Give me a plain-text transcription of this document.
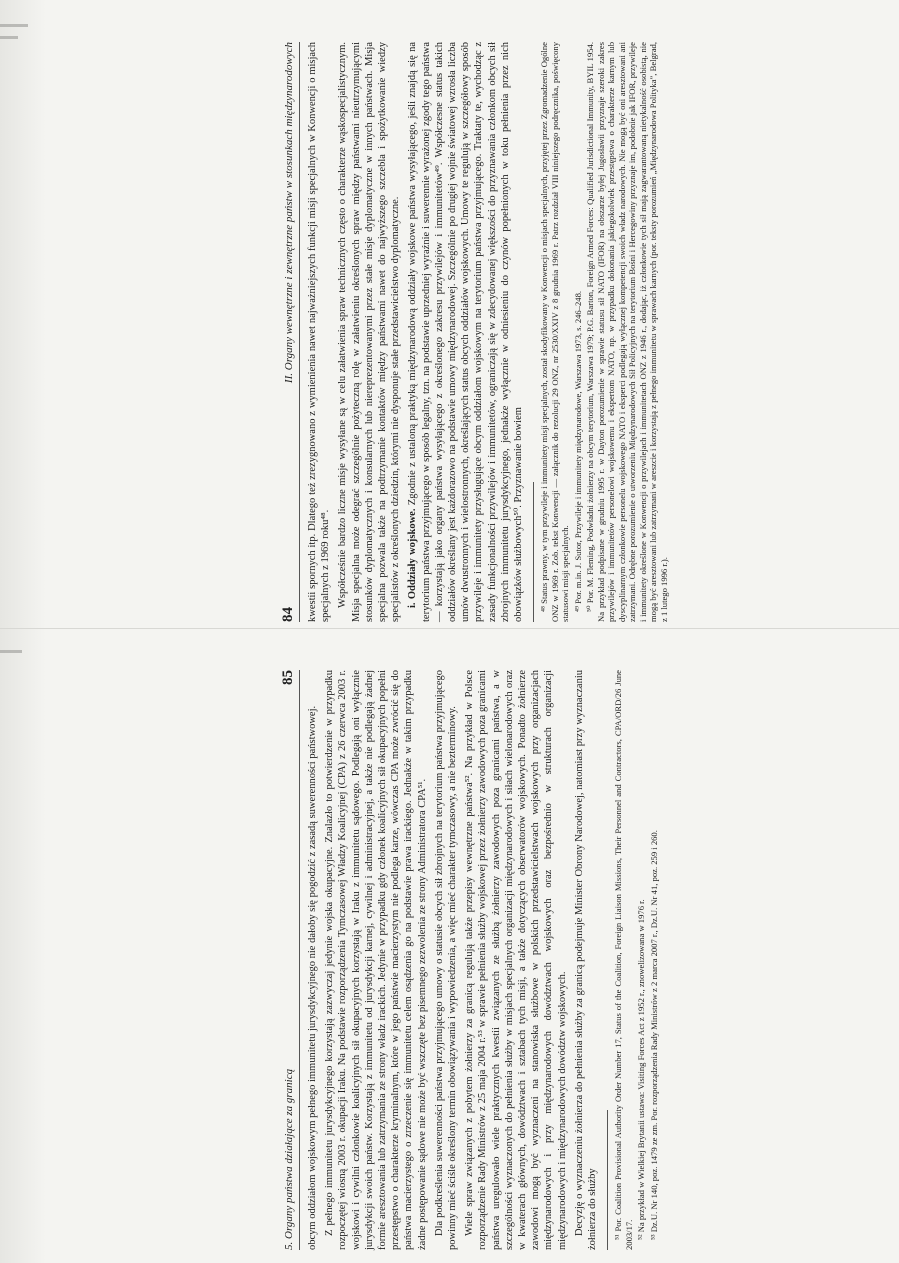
84
II. Organy wewnętrzne i zewnętrzne państw w stosunkach międzynarodowych kwestii spornych itp. Dlatego też zrezygnowano z wymienienia nawet najważniejszych funkcji misji specjalnych w Konwencji o misjach specjalnych z 1969 roku⁴⁸. Współcześnie bardzo liczne misje wysyłane są w celu załatwienia spraw technicznych często o charakterze wąskospecjalistycznym. Misja specjalna może odegrać szczególnie pożyteczną rolę w załatwieniu określonych spraw między państwami nieutrzymującymi stosunków dyplomatycznych i konsularnych lub niereprezentowanymi przez stałe misje dyplomatyczne w innych państwach. Misja specjalna pozwala także na podtrzymanie kontaktów między państwami nawet do najwyższego szczebla i spożytkowanie wiedzy specjalistów z określonych dziedzin, którymi nie dysponuje stałe przedstawicielstwo dyplomatyczne. i. Oddziały wojskowe. Zgodnie z ustaloną praktyką międzynarodową oddziały wojskowe państwa wysyłającego, jeśli znajdą się na terytorium państwa przyjmującego w sposób legalny, tzn. na podstawie uprzedniej wyraźnie i suwerennie wyrażonej zgody tego państwa — korzystają jako organy państwa wysyłającego z określonego zakresu przywilejów i immunitetów⁴⁹. Współczesne status takich oddziałów określany jest każdorazowo na podstawie umowy międzynarodowej. Szczególnie po drugiej wojnie światowej wzrosła liczba umów dwustronnych i wielostronnych, określających status obcych oddziałów wojskowych. Umowy te regulują w szczegółowy sposób przywileje i immunitety przysługujące obcym oddziałom wojskowym na terytorium państwa przyjmującego. Traktaty te, wychodząc z zasady funkcjonalności przywilejów i immunitetów, ograniczają się w zdecydowanej większości do przyznawania członkom obcych sił zbrojnych immunitetu jurysdykcyjnego, jednakże wyłącznie w odniesieniu do czynów popełnionych w toku pełnienia przez nich obowiązków służbowych⁵⁰. Przyznawanie bowiem ⁴⁸ Status prawny, w tym przywileje i immunitety misji specjalnych, został skodyfikowany w Konwencji o misjach specjalnych, przyjętej przez Zgromadzenie Ogólne ONZ w 1969 r. Zob. tekst Konwencji — załącznik do rezolucji 29 ONZ, nr 2530/XXIV z 8 grudnia 1969 r. Patrz rozdział VIII niniejszego podręcznika, poświęcony statusowi misji specjalnych. ⁴⁹ Por. m.in. J. Sutor, Przywileje i immunitety międzynarodowe, Warszawa 1973, s. 246–248. ⁵⁰ Por. M. Fleming, Podwładni żołnierzy na obcym terytorium, Warszawa 1979; P.G. Barton, Foreign Armed Forces: Qualified Jurisdictional Immunity, BYIL 1954. Na przykład podpisane w grudniu 1995 r. w Dayton porozumienie w sprawie statusu sił NATO (IFOR) na obszarze byłej Jugosławii przyznaje szeroki zakres przywilejów i immunitetów personelowi wojskowemu i ekspertom NATO, np. w przypadku dokonania jakiegokolwiek przestępstwa o charakterze karnym lub dyscyplinarnym członkowie personelu wojskowego NATO i eksperci podlegają wyłącznej kompetencji swoich władz narodowych. Nie mogą być oni aresztowani ani zatrzymani. Odrębne porozumienie o utworzeniu Międzynarodowych Sił Policyjnych na terytorium Bośni i Hercegowiny przyznaje im, podobnie jak IFOR, przywileje i immunitety określone w Konwencji o przywilejach i immunitetach ONZ z 1946 r., dodając, iż członkowie tych sił mają zagwarantowaną nietykalność osobistą, nie mogą być aresztowani lub zatrzymani w areszcie i korzystają z pełnego immunitetu w sprawach karnych (por. teksty porozumień „Międzynarodowa Polityka”, Belgrad, z 1 lutego 1996 r.).

5. Organy państwa działające za granicą
85

obcym oddziałom wojskowym pełnego immunitetu jurysdykcyjnego nie dałoby się pogodzić z zasadą suwerenności państwowej. Z pełnego immunitetu jurysdykcyjnego korzystają zazwyczaj jedynie wojska okupacyjne. Znalazło to potwierdzenie w przypadku rozpoczętej wiosną 2003 r. okupacji Iraku. Na podstawie rozporządzenia Tymczasowej Władzy Koalicyjnej (CPA) z 26 czerwca 2003 r. wojskowi i cywilni członkowie koalicyjnych sił okupacyjnych korzystają w Iraku z immunitetu sądowego. Podlegają oni wyłącznie jurysdykcji swoich państw. Korzystają z immunitetu od jurysdykcji karnej, cywilnej i administracyjnej, a także nie podlegają żadnej formie aresztowania lub zatrzymania ze strony władz irackich. Jedynie w przypadku gdy członek koalicyjnych sił okupacyjnych popełni przestępstwo o charakterze kryminalnym, które w jego państwie macierzystym nie podlega karze, wówczas CPA może zwrócić się do państwa macierzystego o zrzeczenie się immunitetu celem osądzenia go na podstawie prawa irackiego. Jednakże w takim przypadku żadne postępowanie sądowe nie może być wszczęte bez pisemnego zezwolenia ze strony Administratora CPA⁵¹. Dla podkreślenia suwerenności państwa przyjmującego umowy o statusie obcych sił zbrojnych na terytorium państwa przyjmującego powinny mieć ściśle określony termin obowiązywania i wypowiedzenia, a więc mieć charakter tymczasowy, a nie bezterminowy. Wiele spraw związanych z pobytem żołnierzy za granicą regulują także przepisy wewnętrzne państwa⁵². Na przykład w Polsce rozporządzenie Rady Ministrów z 25 maja 2004 r.⁵³ w sprawie pełnienia służby wojskowej przez żołnierzy zawodowych poza granicami państwa uregulowało wiele praktycznych kwestii związanych ze służbą żołnierzy zawodowych poza granicami państwa, a w szczególności wyznaczonych do pełnienia służby w misjach specjalnych organizacji międzynarodowych i siłach wielonarodowych oraz w kwaterach głównych, dowództwach i sztabach tych misji, a także dotyczących obserwatorów wojskowych. Ponadto żołnierze zawodowi mogą być wyznaczeni na stanowiska służbowe w polskich przedstawicielstwach wojskowych przy organizacjach międzynarodowych i przy międzynarodowych dowództwach wojskowych oraz bezpośrednio w strukturach organizacji międzynarodowych i międzynarodowych dowództw wojskowych. Decyzję o wyznaczeniu żołnierza do pełnienia służby za granicą podejmuje Minister Obrony Narodowej, natomiast przy wyznaczaniu żołnierza do służby ⁵¹ Por. Coalition Provisional Authority Order Number 17, Status of the Coalition, Foreign Liaison Missions, Their Personnel and Contractors, CPA/ORD/26 June 2003/17. ⁵² Na przykład w Wielkiej Brytanii ustawa: Visiting Forces Act z 1952 r., znowelizowana w 1976 r. ⁵³ Dz.U. Nr 140, poz. 1479 ze zm. Por. rozporządzenia Rady Ministrów z 2 marca 2007 r., Dz.U. Nr 41, poz. 259 i 260.
